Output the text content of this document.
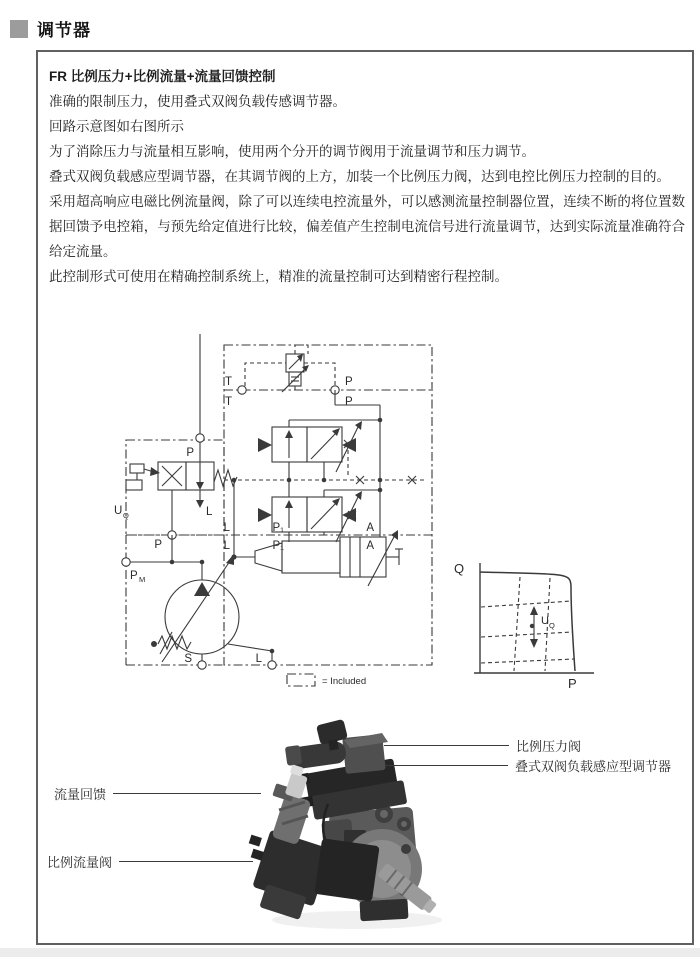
调节器

FR 比例压力+比例流量+流量回馈控制

准确的限制压力，使用叠式双阀负载传感调节器。

回路示意图如右图所示

为了消除压力与流量相互影响，使用两个分开的调节阀用于流量调节和压力调节。

叠式双阀负载感应型调节器，在其调节阀的上方，加装一个比例压力阀，达到电控比例压力控制的目的。

采用超高响应电磁比例流量阀，除了可以连续电控流量外，可以感测流量控制器位置，连续不断的将位置数据回馈予电控箱，与预先给定值进行比较，偏差值产生控制电流信号进行流量调节，达到实际流量准确符合给定流量。

此控制形式可使用在精确控制系统上，精准的流量控制可达到精密行程控制。

T
T
P
P
L	P₁	A
L	P₁	A
P
P
U Q	L
P M
S	L
= Included
Q
P
U Q
比例压力阀
叠式双阀负载感应型调节器
流量回馈
比例流量阀
